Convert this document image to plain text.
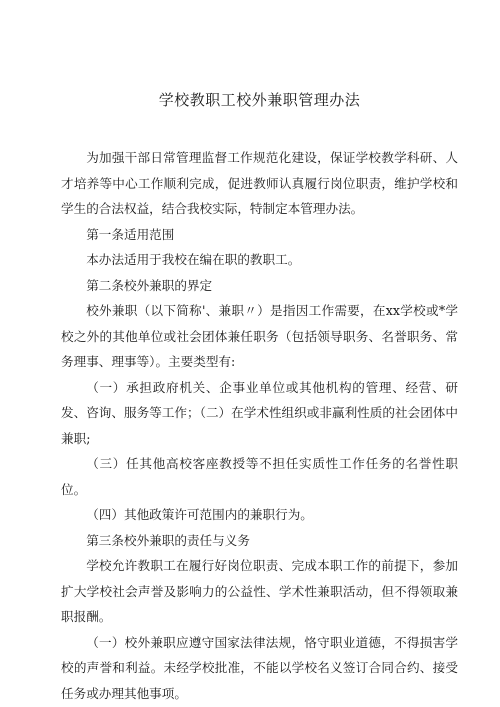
学校教职工校外兼职管理办法

为加强干部日常管理监督工作规范化建设，保证学校教学科研、人才培养等中心工作顺利完成，促进教师认真履行岗位职责，维护学校和学生的合法权益，结合我校实际，特制定本管理办法。

第一条适用范围

本办法适用于我校在编在职的教职工。

第二条校外兼职的界定

校外兼职（以下简称'、兼职〃）是指因工作需要，在xx学校或*学校之外的其他单位或社会团体兼任职务（包括领导职务、名誉职务、常务理事、理事等）。主要类型有:

（一）承担政府机关、企事业单位或其他机构的管理、经营、研发、咨询、服务等工作；（二）在学术性组织或非赢利性质的社会团体中兼职;

（三）任其他高校客座教授等不担任实质性工作任务的名誉性职位。

（四）其他政策许可范围内的兼职行为。

第三条校外兼职的责任与义务

学校允许教职工在履行好岗位职责、完成本职工作的前提下，参加扩大学校社会声誉及影响力的公益性、学术性兼职活动，但不得领取兼职报酬。

（一）校外兼职应遵守国家法律法规，恪守职业道德，不得损害学校的声誉和利益。未经学校批准，不能以学校名义签订合同合约、接受任务或办理其他事项。
